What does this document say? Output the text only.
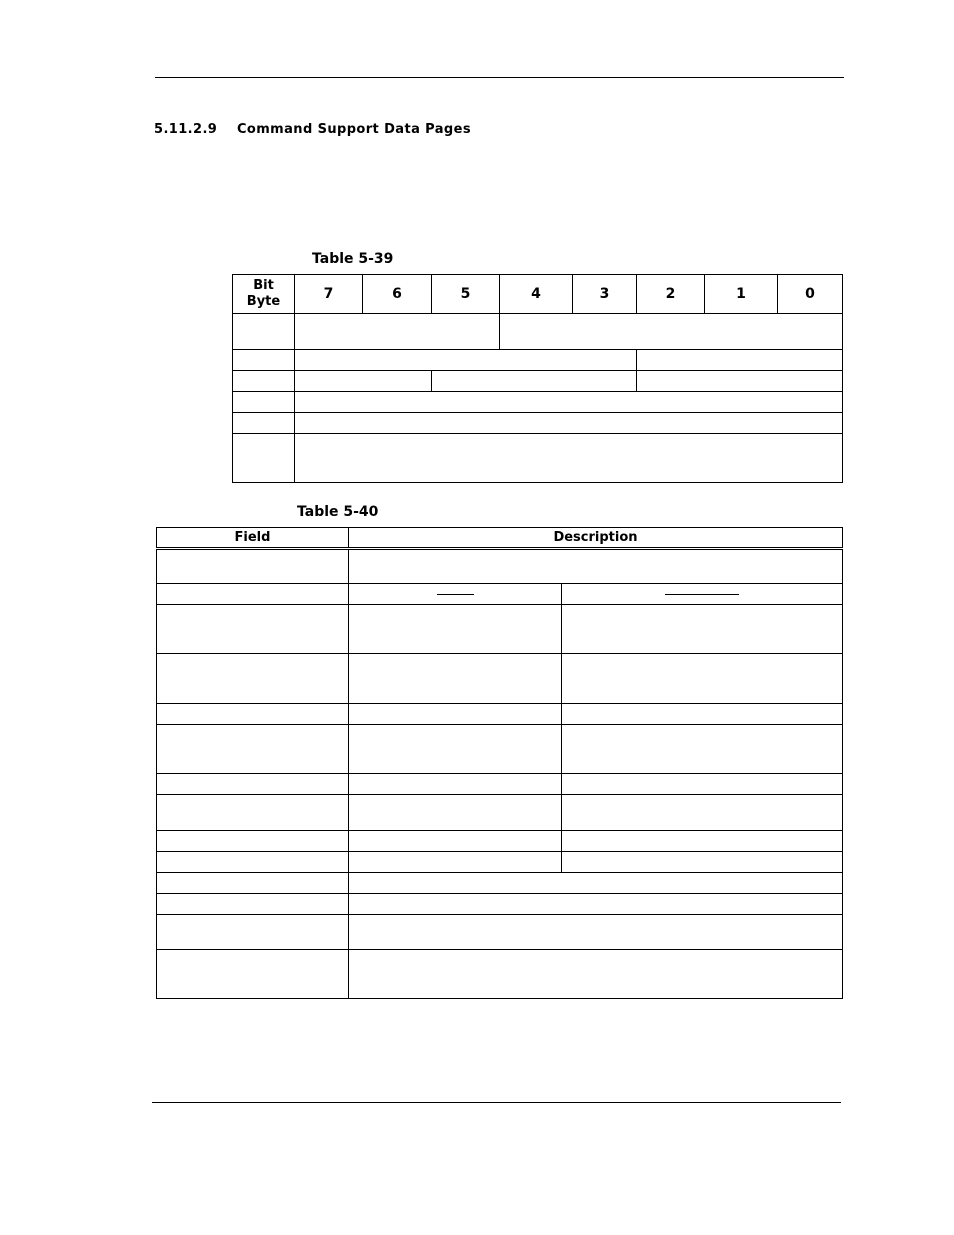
5.11.2.9 Command Support Data Pages
Table 5-39
Bit
Byte	7	6	5	4	3	2	1	0

Table 5-40
Field	Description	
